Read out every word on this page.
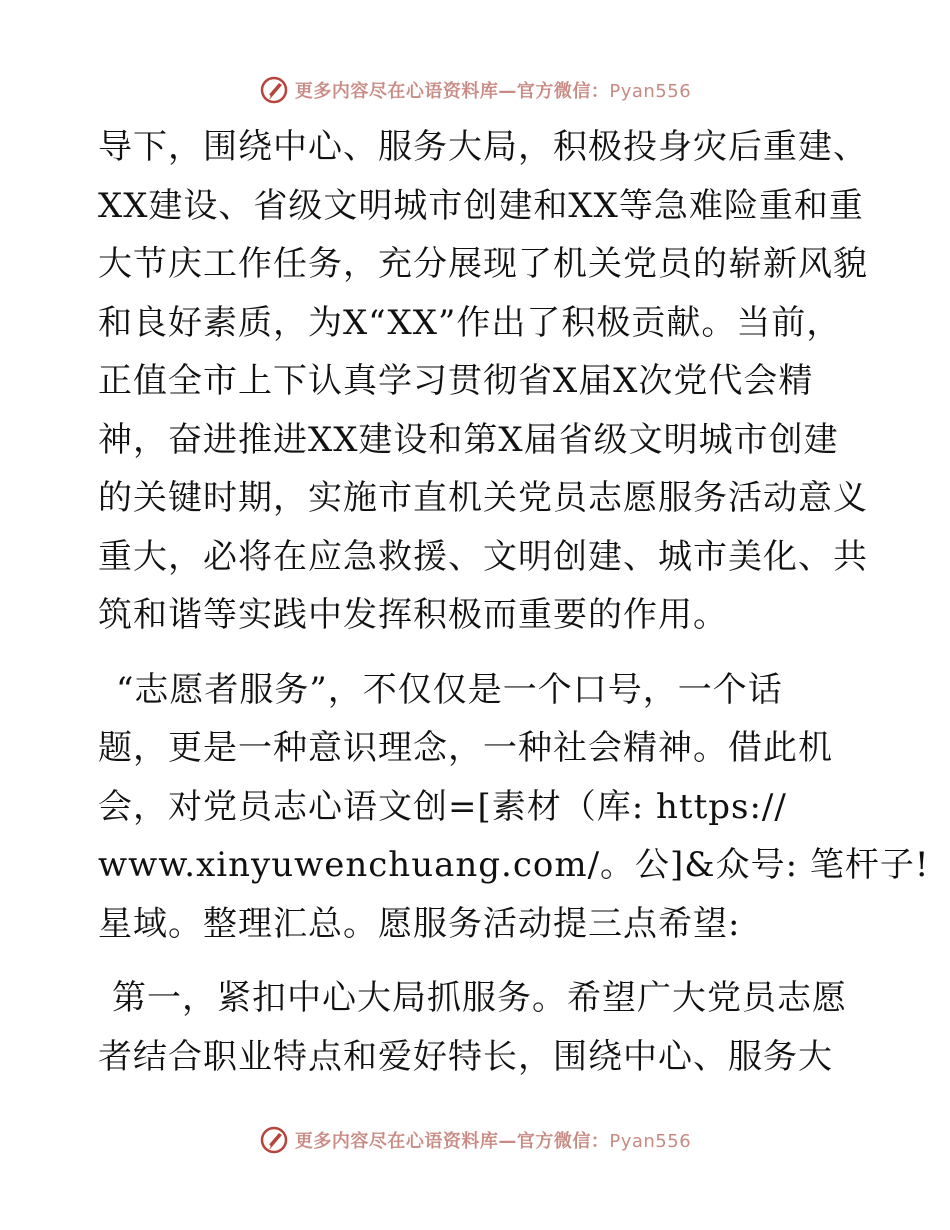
更多内容尽在心语资料库—官方微信：Pyan556
导下，围绕中心、服务大局，积极投身灾后重建、
XX建设、省级文明城市创建和XX等急难险重和重
大节庆工作任务，充分展现了机关党员的崭新风貌
和良好素质，为X“XX”作出了积极贡献。当前，
正值全市上下认真学习贯彻省X届X次党代会精
神，奋进推进XX建设和第X届省级文明城市创建
的关键时期，实施市直机关党员志愿服务活动意义
重大，必将在应急救援、文明创建、城市美化、共
筑和谐等实践中发挥积极而重要的作用。
“志愿者服务”，不仅仅是一个口号，一个话
题，更是一种意识理念，一种社会精神。借此机
会，对党员志心语文创=[素材（库: https://
www.xinyuwenchuang.com/。公]&众号: 笔杆子!
星域。整理汇总。愿服务活动提三点希望:
第一，紧扣中心大局抓服务。希望广大党员志愿
者结合职业特点和爱好特长，围绕中心、服务大
更多内容尽在心语资料库—官方微信：Pyan556
